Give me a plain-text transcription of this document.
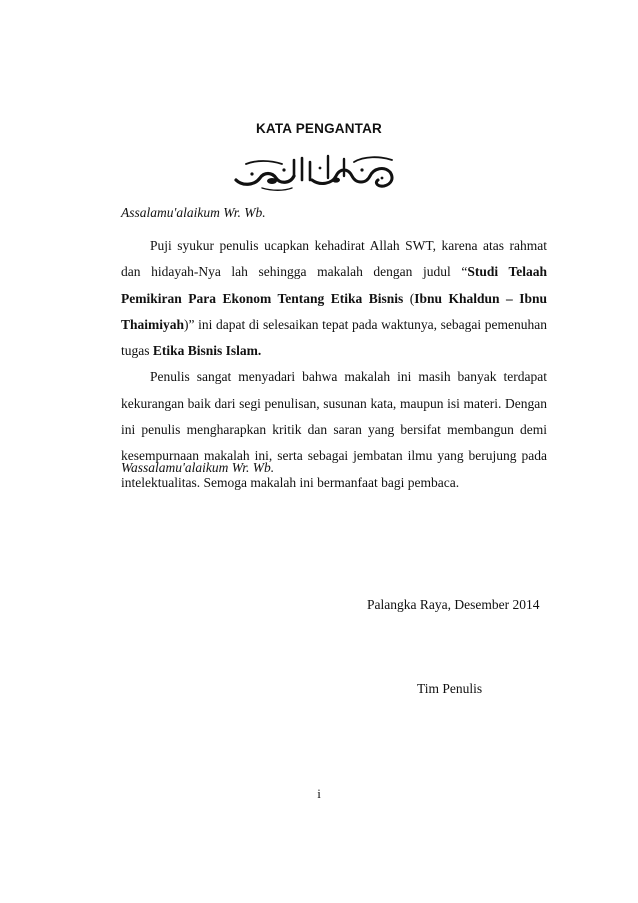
KATA PENGANTAR
Assalamu'alaikum Wr. Wb.

Puji syukur penulis ucapkan kehadirat Allah SWT, karena atas rahmat dan hidayah-Nya lah sehingga makalah dengan judul “Studi Telaah Pemikiran Para Ekonom Tentang Etika Bisnis (Ibnu Khaldun – Ibnu Thaimiyah)” ini dapat di selesaikan tepat pada waktunya, sebagai pemenuhan tugas Etika Bisnis Islam.

Penulis sangat menyadari bahwa makalah ini masih banyak terdapat kekurangan baik dari segi penulisan, susunan kata, maupun isi materi. Dengan ini penulis mengharapkan kritik dan saran yang bersifat membangun demi kesempurnaan makalah ini, serta sebagai jembatan ilmu yang berujung pada intelektualitas. Semoga makalah ini bermanfaat bagi pembaca.

Wassalamu'alaikum Wr. Wb.
Palangka Raya, Desember 2014
Tim Penulis
i
